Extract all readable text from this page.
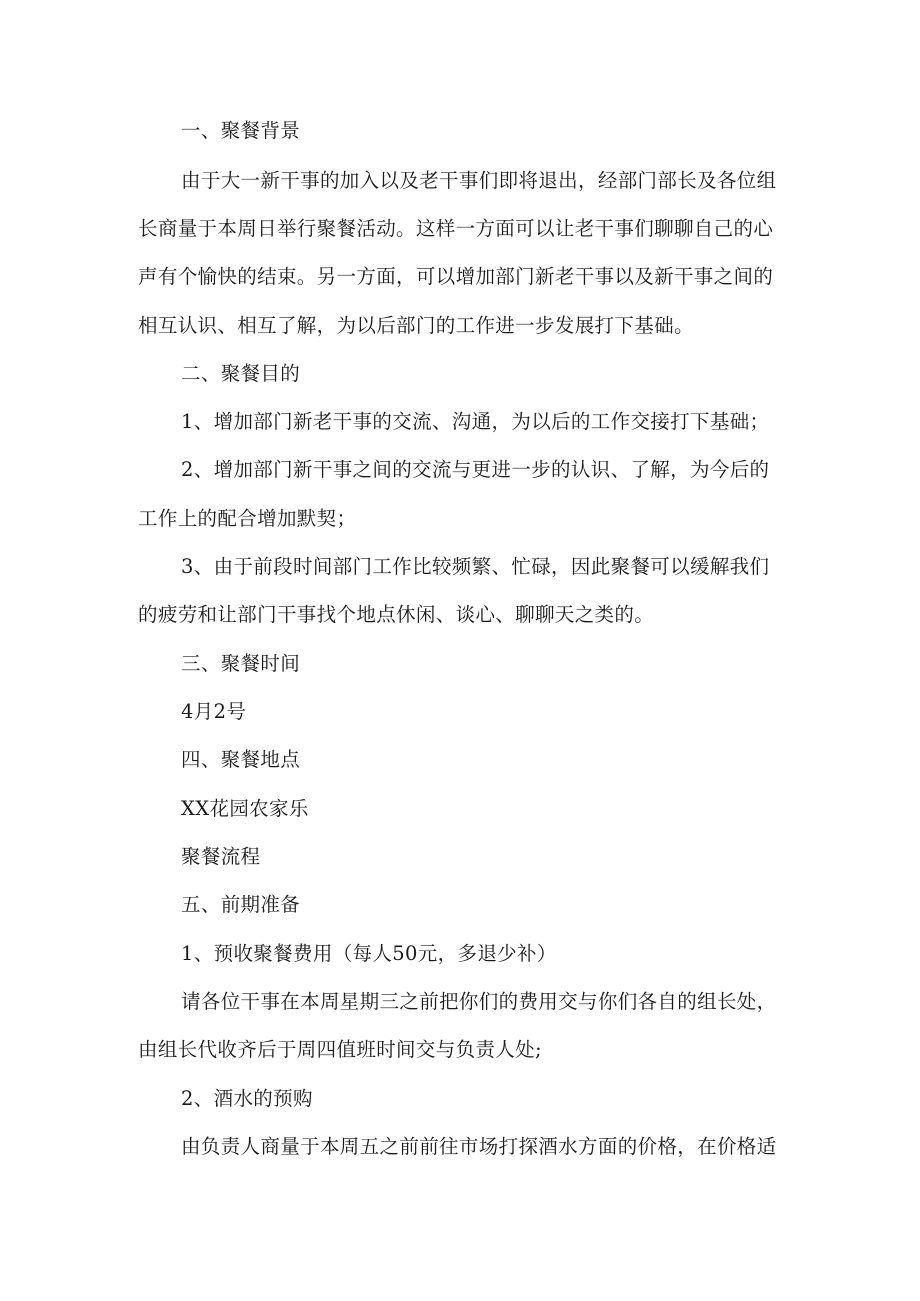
一、聚餐背景
由于大一新干事的加入以及老干事们即将退出，经部门部长及各位组
长商量于本周日举行聚餐活动。这样一方面可以让老干事们聊聊自己的心
声有个愉快的结束。另一方面，可以增加部门新老干事以及新干事之间的
相互认识、相互了解，为以后部门的工作进一步发展打下基础。
二、聚餐目的
1、增加部门新老干事的交流、沟通，为以后的工作交接打下基础；
2、增加部门新干事之间的交流与更进一步的认识、了解，为今后的
工作上的配合增加默契；
3、由于前段时间部门工作比较频繁、忙碌，因此聚餐可以缓解我们
的疲劳和让部门干事找个地点休闲、谈心、聊聊天之类的。
三、聚餐时间
4月2号
四、聚餐地点
XX花园农家乐
聚餐流程
五、前期准备
1、预收聚餐费用（每人50元，多退少补）
请各位干事在本周星期三之前把你们的费用交与你们各自的组长处，
由组长代收齐后于周四值班时间交与负责人处;
2、酒水的预购
由负责人商量于本周五之前前往市场打探酒水方面的价格，在价格适
